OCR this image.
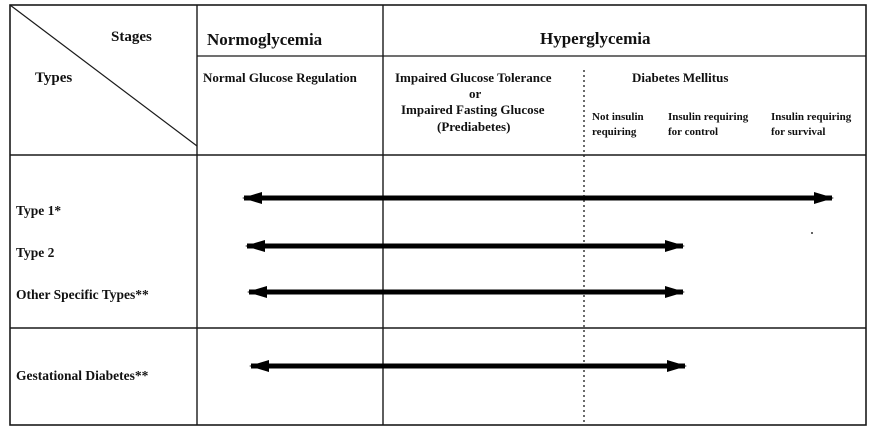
Stages
Types
Normoglycemia	Hyperglycemia
Normal Glucose Regulation	Impaired Glucose Tolerance
or
Impaired Fasting Glucose
(Prediabetes)
Diabetes Mellitus
Not insulin
requiring
Insulin requiring
for control
Insulin requiring
for survival
Type 1*
Type 2
Other Specific Types**
Gestational Diabetes**
